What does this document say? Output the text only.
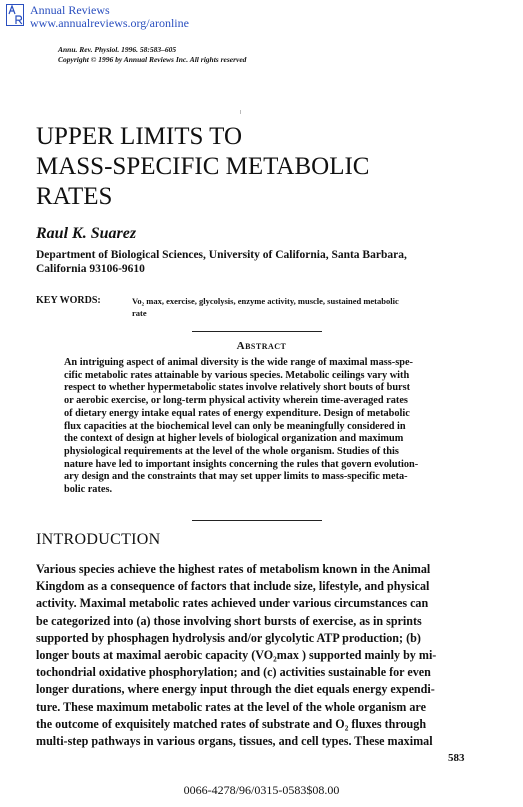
Annual Reviews
www.annualreviews.org/aronline
Annu. Rev. Physiol. 1996. 58:583–605
Copyright © 1996 by Annual Reviews Inc. All rights reserved
UPPER LIMITS TO
MASS-SPECIFIC METABOLIC
RATES
Raul K. Suarez
Department of Biological Sciences, University of California, Santa Barbara,
California 93106-9610
KEY WORDS:	Vo₂ max, exercise, glycolysis, enzyme activity, muscle, sustained metabolic
rate
Abstract
An intriguing aspect of animal diversity is the wide range of maximal mass-spe-
cific metabolic rates attainable by various species. Metabolic ceilings vary with
respect to whether hypermetabolic states involve relatively short bouts of burst
or aerobic exercise, or long-term physical activity wherein time-averaged rates
of dietary energy intake equal rates of energy expenditure. Design of metabolic
flux capacities at the biochemical level can only be meaningfully considered in
the context of design at higher levels of biological organization and maximum
physiological requirements at the level of the whole organism. Studies of this
nature have led to important insights concerning the rules that govern evolution-
ary design and the constraints that may set upper limits to mass-specific meta-
bolic rates.
INTRODUCTION
Various species achieve the highest rates of metabolism known in the Animal
Kingdom as a consequence of factors that include size, lifestyle, and physical
activity. Maximal metabolic rates achieved under various circumstances can
be categorized into (a) those involving short bursts of exercise, as in sprints
supported by phosphagen hydrolysis and/or glycolytic ATP production; (b)
longer bouts at maximal aerobic capacity (VO₂max ) supported mainly by mi-
tochondrial oxidative phosphorylation; and (c) activities sustainable for even
longer durations, where energy input through the diet equals energy expendi-
ture. These maximum metabolic rates at the level of the whole organism are
the outcome of exquisitely matched rates of substrate and O₂ fluxes through
multi-step pathways in various organs, tissues, and cell types. These maximal
583
0066-4278/96/0315-0583$08.00
